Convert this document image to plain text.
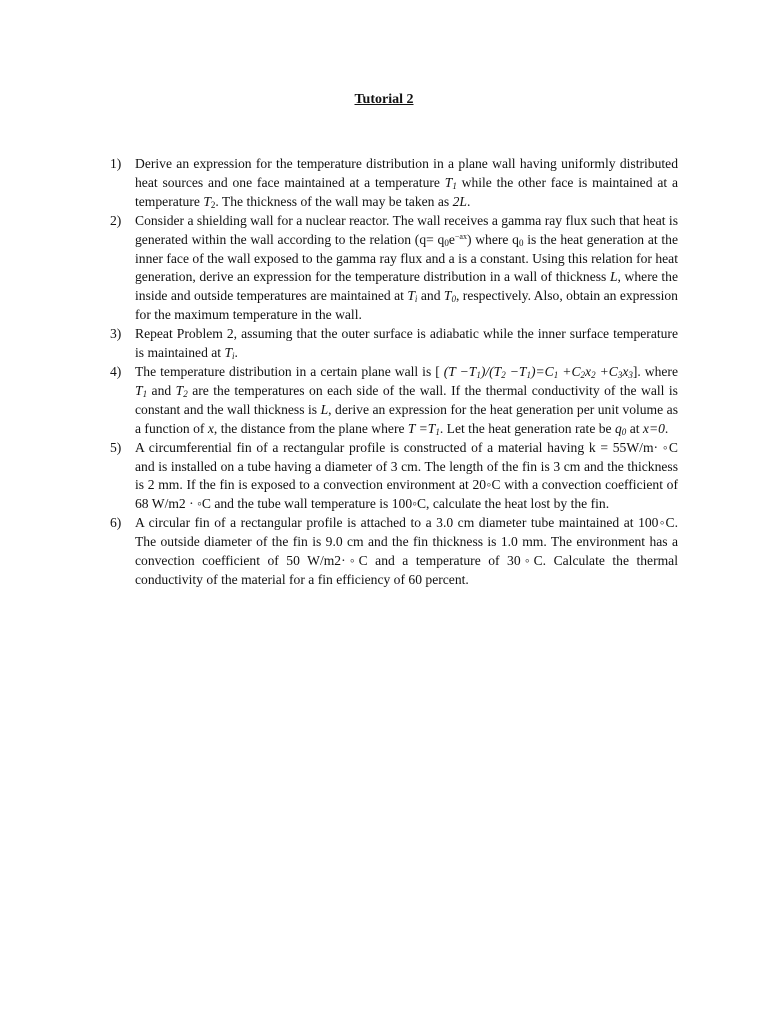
Tutorial 2
1)	Derive an expression for the temperature distribution in a plane wall having uniformly distributed heat sources and one face maintained at a temperature $T_1$ while the other face is maintained at a temperature $T_2$. The thickness of the wall may be taken as 2L.
2)	Consider a shielding wall for a nuclear reactor. The wall receives a gamma ray flux such that heat is generated within the wall according to the relation $(q= q_0e^{-ax})$ where $q_0$ is the heat generation at the inner face of the wall exposed to the gamma ray flux and a is a constant. Using this relation for heat generation, derive an expression for the temperature distribution in a wall of thickness L, where the inside and outside temperatures are maintained at $T_i$ and $T_0$, respectively. Also, obtain an expression for the maximum temperature in the wall.
3)	Repeat Problem 2, assuming that the outer surface is adiabatic while the inner surface temperature is maintained at $T_i$.
4)	The temperature distribution in a certain plane wall is [ $(T -T_1)/(T_2 -T_1)=C_1 +C_2x_2 +C_3x_3$]. where $T_1$ and $T_2$ are the temperatures on each side of the wall. If the thermal conductivity of the wall is constant and the wall thickness is L, derive an expression for the heat generation per unit volume as a function of x, the distance from the plane where $T =T_1$. Let the heat generation rate be $q_0$ at x=0.
5)	A circumferential fin of a rectangular profile is constructed of a material having k = 55W/m· ◦C and is installed on a tube having a diameter of 3 cm. The length of the fin is 3 cm and the thickness is 2 mm. If the fin is exposed to a convection environment at 20◦C with a convection coefficient of 68 W/m2 · ◦C and the tube wall temperature is 100◦C, calculate the heat lost by the fin.
6)	A circular fin of a rectangular profile is attached to a 3.0 cm diameter tube maintained at 100◦C. The outside diameter of the fin is 9.0 cm and the fin thickness is 1.0 mm. The environment has a convection coefficient of 50 W/m2·◦C and a temperature of 30◦C. Calculate the thermal conductivity of the material for a fin efficiency of 60 percent.
